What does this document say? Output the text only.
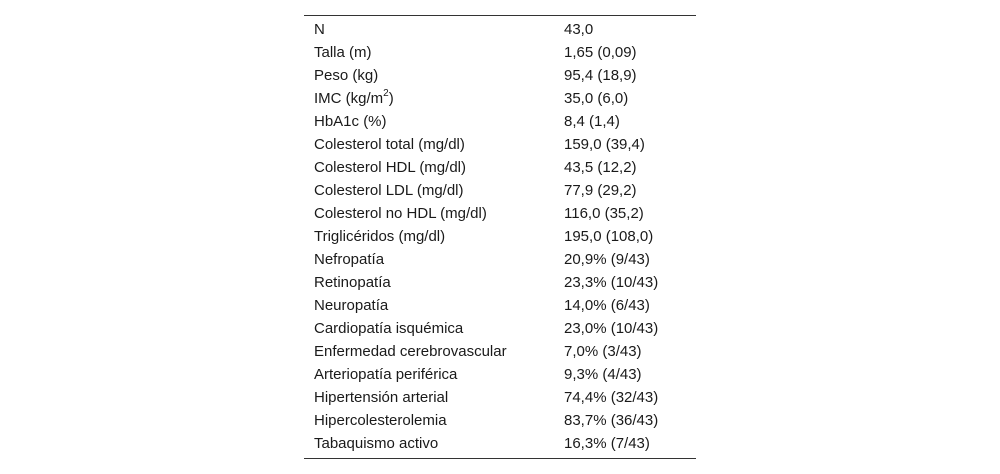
N	43,0
Talla (m)	1,65 (0,09)
Peso (kg)	95,4 (18,9)
IMC $(kg/m^2)$	35,0 (6,0)
HbA1c (%)	8,4 (1,4)
Colesterol total (mg/dl)	159,0 (39,4)
Colesterol HDL (mg/dl)	43,5 (12,2)
Colesterol LDL (mg/dl)	77,9 (29,2)
Colesterol no HDL (mg/dl)	116,0 (35,2)
Triglicéridos (mg/dl)	195,0 (108,0)
Nefropatía	20,9% (9/43)
Retinopatía	23,3% (10/43)
Neuropatía	14,0% (6/43)
Cardiopatía isquémica	23,0% (10/43)
Enfermedad cerebrovascular	7,0% (3/43)
Arteriopatía periférica	9,3% (4/43)
Hipertensión arterial	74,4% (32/43)
Hipercolesterolemia	83,7% (36/43)
Tabaquismo activo	16,3% (7/43)
